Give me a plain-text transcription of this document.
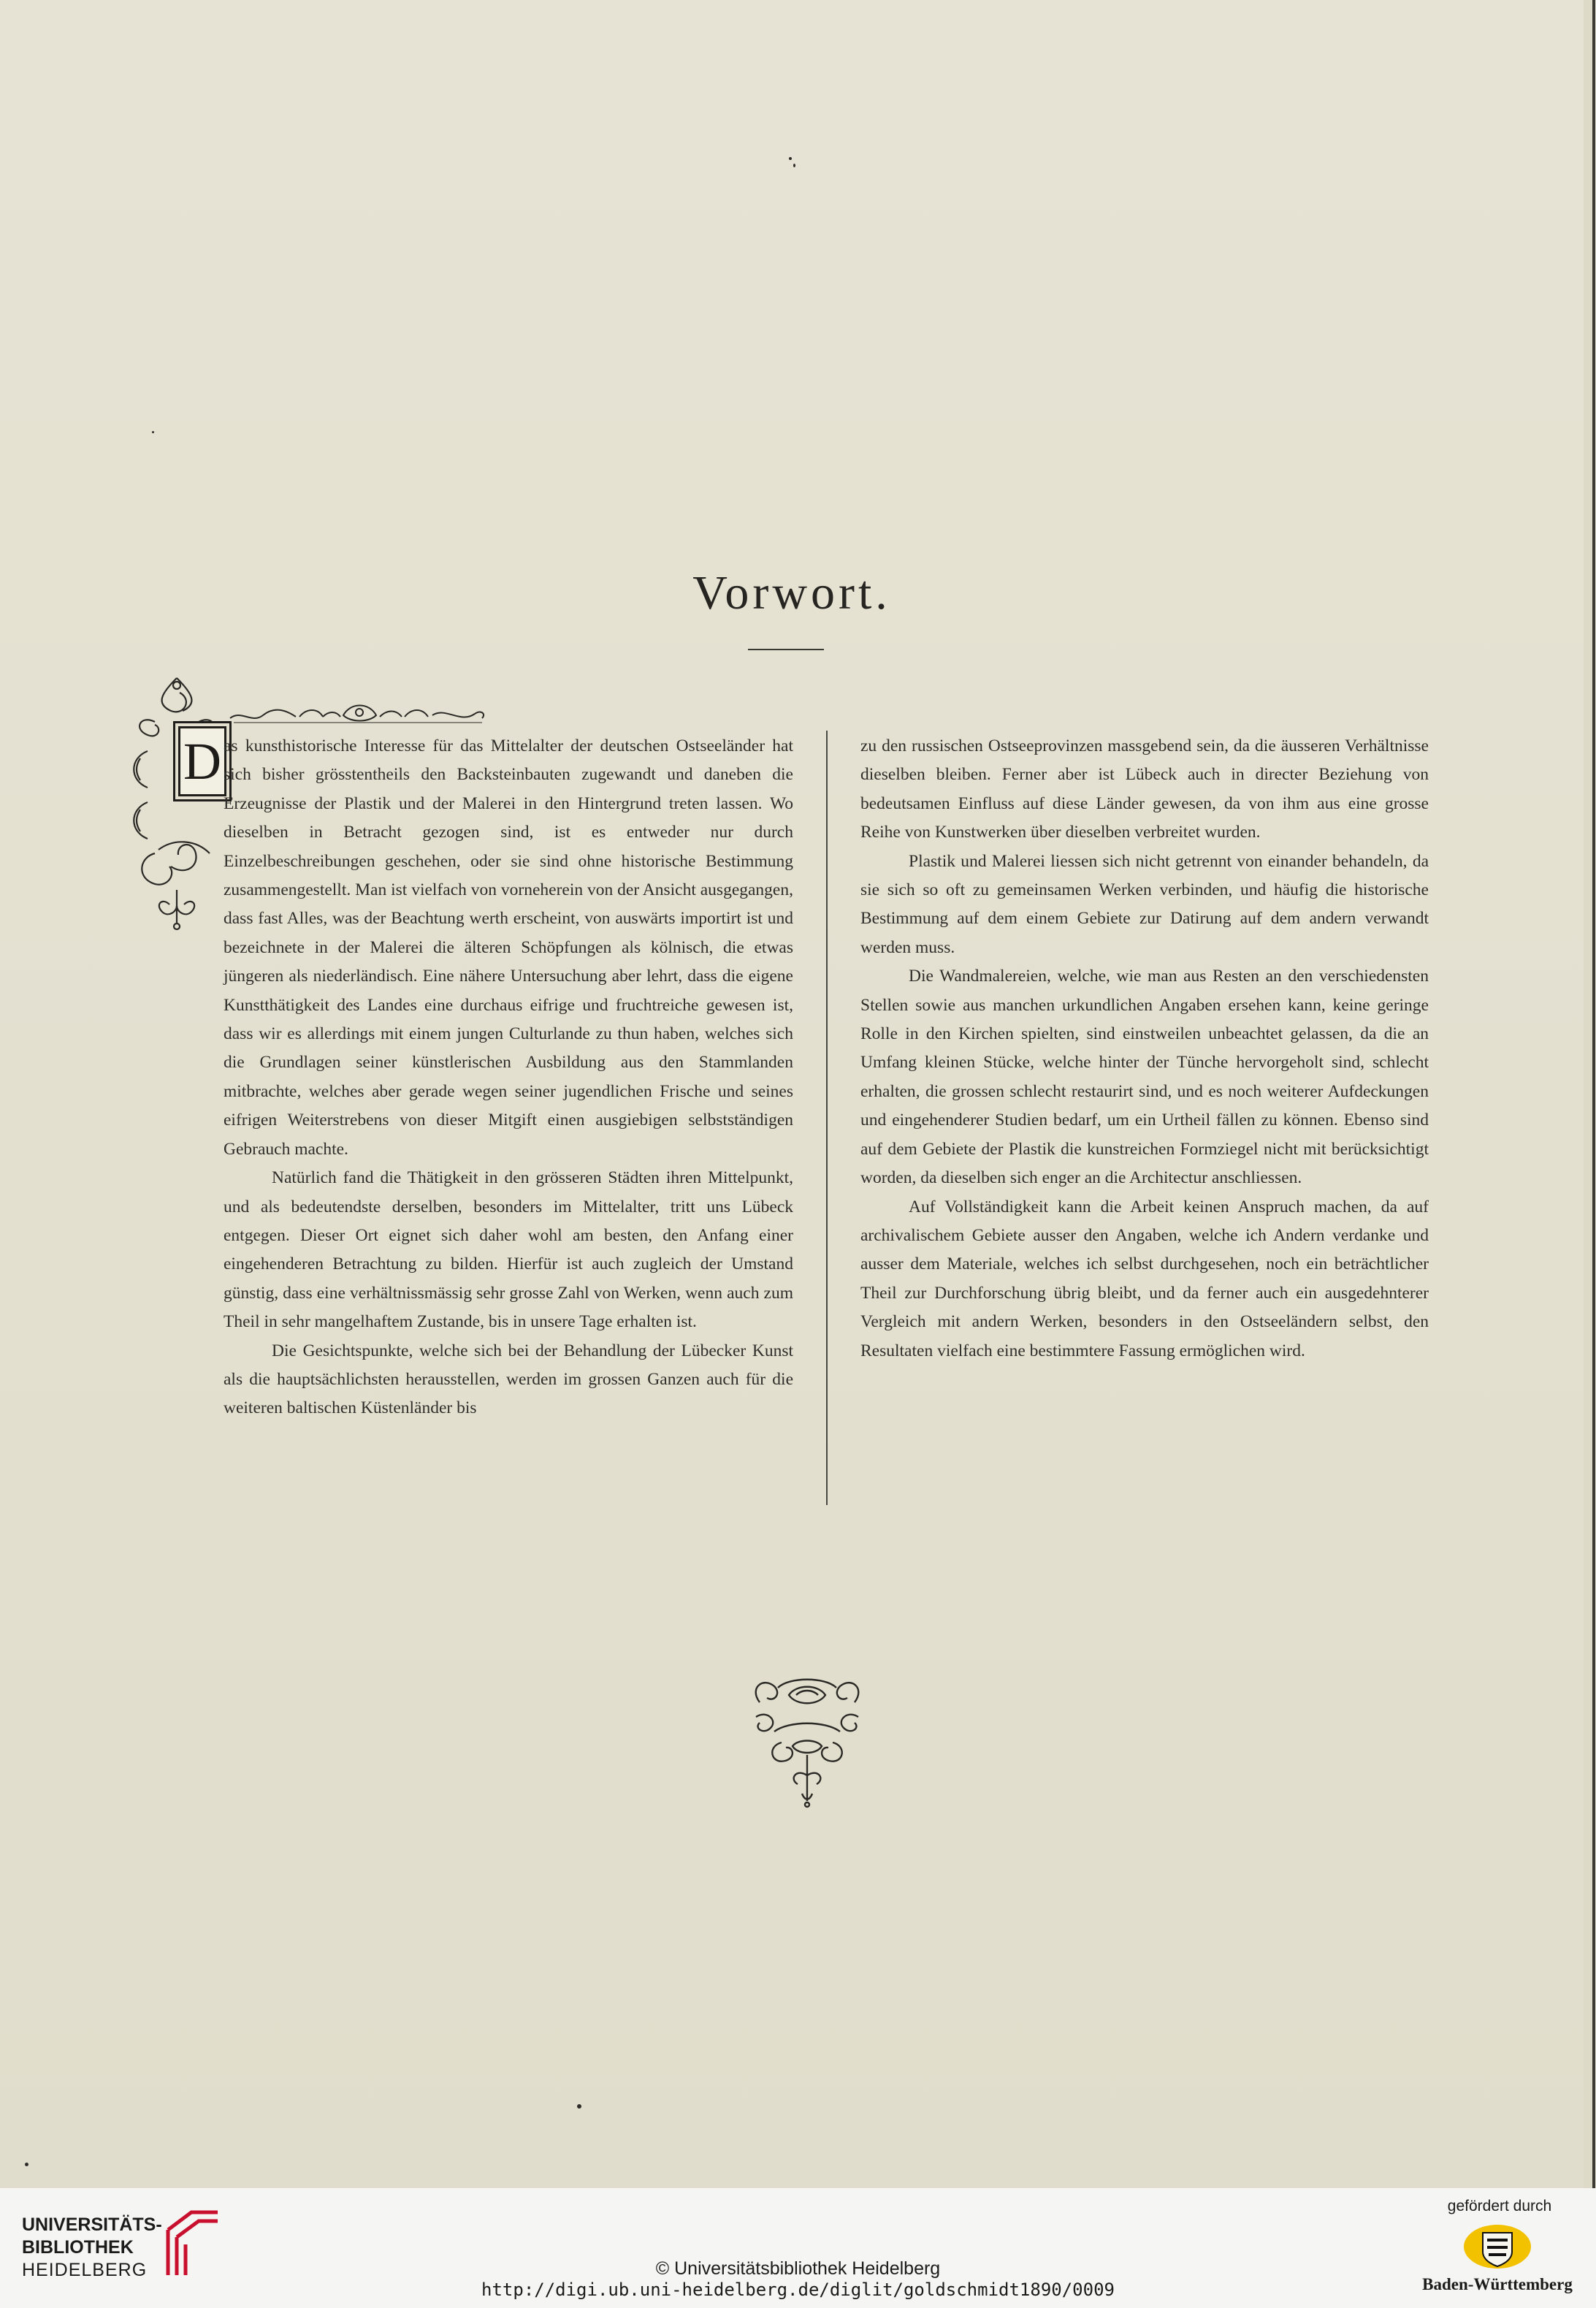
Vorwort.
D as kunsthistorische Interesse für das Mittelalter der deutschen Ostseeländer hat sich bisher grösstentheils den Backsteinbauten zugewandt und daneben die Erzeugnisse der Plastik und der Malerei in den Hintergrund treten lassen. Wo dieselben in Betracht gezogen sind, ist es entweder nur durch Einzelbeschreibungen geschehen, oder sie sind ohne historische Bestimmung zusammengestellt. Man ist vielfach von vorneherein von der Ansicht ausgegangen, dass fast Alles, was der Beachtung werth erscheint, von auswärts importirt ist und bezeichnete in der Malerei die älteren Schöpfungen als kölnisch, die etwas jüngeren als niederländisch. Eine nähere Untersuchung aber lehrt, dass die eigene Kunstthätigkeit des Landes eine durchaus eifrige und fruchtreiche gewesen ist, dass wir es allerdings mit einem jungen Culturlande zu thun haben, welches sich die Grundlagen seiner künstlerischen Ausbildung aus den Stammlanden mitbrachte, welches aber gerade wegen seiner jugendlichen Frische und seines eifrigen Weiterstrebens von dieser Mitgift einen ausgiebigen selbstständigen Gebrauch machte.

Natürlich fand die Thätigkeit in den grösseren Städten ihren Mittelpunkt, und als bedeutendste derselben, besonders im Mittelalter, tritt uns Lübeck entgegen. Dieser Ort eignet sich daher wohl am besten, den Anfang einer eingehenderen Betrachtung zu bilden. Hierfür ist auch zugleich der Umstand günstig, dass eine verhältnissmässig sehr grosse Zahl von Werken, wenn auch zum Theil in sehr mangelhaftem Zustande, bis in unsere Tage erhalten ist.

Die Gesichtspunkte, welche sich bei der Behandlung der Lübecker Kunst als die hauptsächlichsten herausstellen, werden im grossen Ganzen auch für die weiteren baltischen Küstenländer bis

zu den russischen Ostseeprovinzen massgebend sein, da die äusseren Verhältnisse dieselben bleiben. Ferner aber ist Lübeck auch in directer Beziehung von bedeutsamen Einfluss auf diese Länder gewesen, da von ihm aus eine grosse Reihe von Kunstwerken über dieselben verbreitet wurden.

Plastik und Malerei liessen sich nicht getrennt von einander behandeln, da sie sich so oft zu gemeinsamen Werken verbinden, und häufig die historische Bestimmung auf dem einem Gebiete zur Datirung auf dem andern verwandt werden muss.

Die Wandmalereien, welche, wie man aus Resten an den verschiedensten Stellen sowie aus manchen urkundlichen Angaben ersehen kann, keine geringe Rolle in den Kirchen spielten, sind einstweilen unbeachtet gelassen, da die an Umfang kleinen Stücke, welche hinter der Tünche hervorgeholt sind, schlecht erhalten, die grossen schlecht restaurirt sind, und es noch weiterer Aufdeckungen und eingehenderer Studien bedarf, um ein Urtheil fällen zu können. Ebenso sind auf dem Gebiete der Plastik die kunstreichen Formziegel nicht mit berücksichtigt worden, da dieselben sich enger an die Architectur anschliessen.

Auf Vollständigkeit kann die Arbeit keinen Anspruch machen, da auf archivalischem Gebiete ausser den Angaben, welche ich Andern verdanke und ausser dem Materiale, welches ich selbst durchgesehen, noch ein beträchtlicher Theil zur Durchforschung übrig bleibt, und da ferner auch ein ausgedehnterer Vergleich mit andern Werken, besonders in den Ostseeländern selbst, den Resultaten vielfach eine bestimmtere Fassung ermöglichen wird.

UNIVERSITÄTS-
BIBLIOTHEK
HEIDELBERG	© Universitätsbibliothek Heidelberg
http://digi.ub.uni-heidelberg.de/diglit/goldschmidt1890/0009
gefördert durch
Baden-Württemberg
